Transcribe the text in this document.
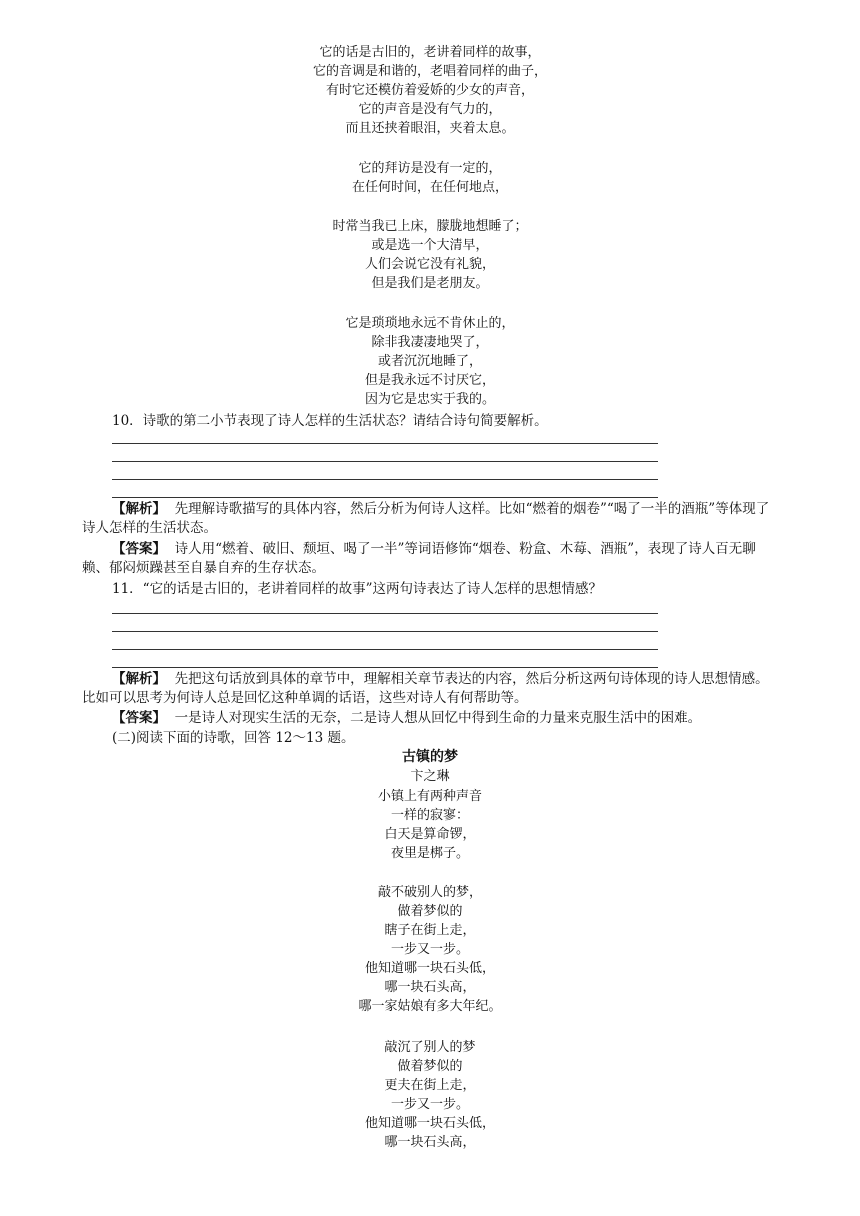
它的话是古旧的，老讲着同样的故事，
它的音调是和谐的，老唱着同样的曲子，
有时它还模仿着爱娇的少女的声音，
它的声音是没有气力的，
而且还挟着眼泪，夹着太息。
它的拜访是没有一定的，
在任何时间，在任何地点，
时常当我已上床，朦胧地想睡了；
或是选一个大清早，
人们会说它没有礼貌，
但是我们是老朋友。
它是琐琐地永远不肯休止的，
除非我凄凄地哭了，
或者沉沉地睡了，
但是我永远不讨厌它，
因为它是忠实于我的。
10．诗歌的第二小节表现了诗人怎样的生活状态？请结合诗句简要解析。
【解析】 先理解诗歌描写的具体内容，然后分析为何诗人这样。比如“燃着的烟卷”“喝了一半的酒瓶”等体现了诗人怎样的生活状态。
【答案】 诗人用“燃着、破旧、颓垣、喝了一半”等词语修饰“烟卷、粉盒、木莓、酒瓶”，表现了诗人百无聊赖、郁闷烦躁甚至自暴自弃的生存状态。
11．“它的话是古旧的，老讲着同样的故事”这两句诗表达了诗人怎样的思想情感？
【解析】 先把这句话放到具体的章节中，理解相关章节表达的内容，然后分析这两句诗体现的诗人思想情感。比如可以思考为何诗人总是回忆这种单调的话语，这些对诗人有何帮助等。
【答案】 一是诗人对现实生活的无奈，二是诗人想从回忆中得到生命的力量来克服生活中的困难。
(二)阅读下面的诗歌，回答 12～13 题。
古镇的梦
卞之琳
小镇上有两种声音
一样的寂寥：
白天是算命锣，
夜里是梆子。
敲不破别人的梦，
做着梦似的
瞎子在街上走，
一步又一步。
他知道哪一块石头低，
哪一块石头高，
哪一家姑娘有多大年纪。
敲沉了别人的梦
做着梦似的
更夫在街上走，
一步又一步。
他知道哪一块石头低，
哪一块石头高，
